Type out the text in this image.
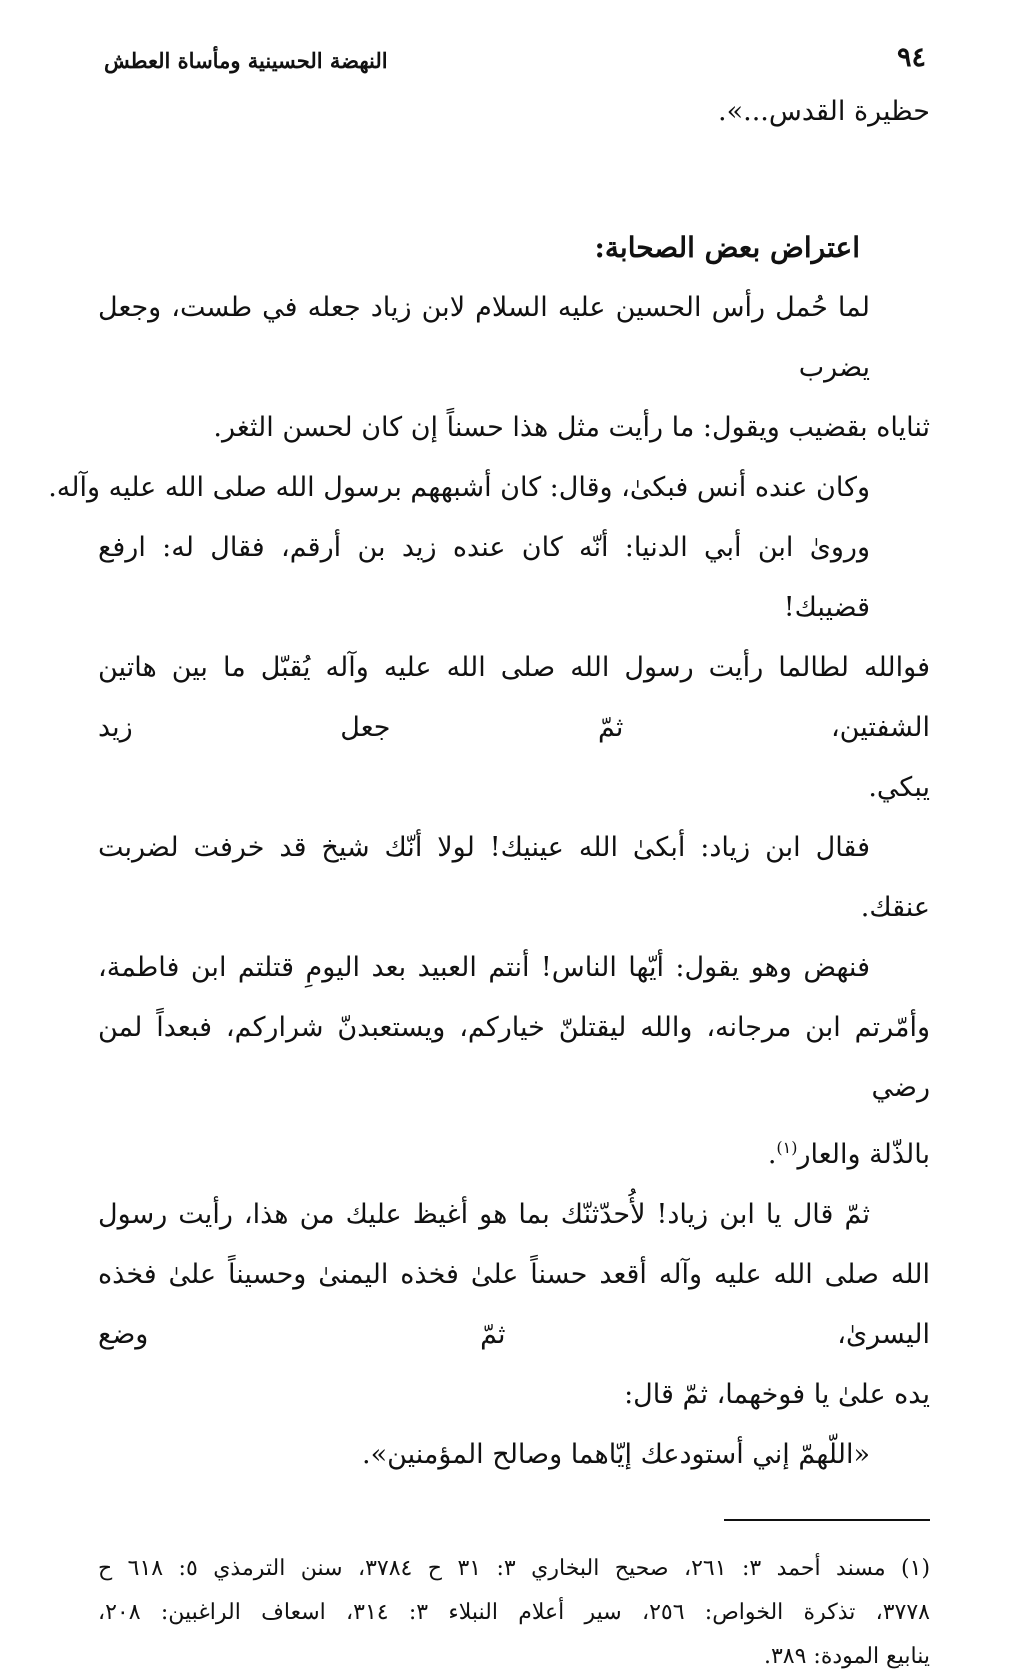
٩٤
النهضة الحسينية ومأساة العطش

حظيرة القدس...».

اعتراض بعض الصحابة:

لما حُمل رأس الحسين عليه السلام لابن زياد جعله في طست، وجعل يضرب

ثناياه بقضيب ويقول: ما رأيت مثل هذا حسناً إن كان لحسن الثغر.

وكان عنده أنس فبكىٰ، وقال: كان أشبههم برسول الله صلى الله عليه وآله.

وروىٰ ابن أبي الدنيا: أنّه كان عنده زيد بن أرقم، فقال له: ارفع قضيبك!

فوالله لطالما رأيت رسول الله صلى الله عليه وآله يُقبّل ما بين هاتين الشفتين، ثمّ جعل زيد

يبكي.

فقال ابن زياد: أبكىٰ الله عينيك! لولا أنّك شيخ قد خرفت لضربت

عنقك.

فنهض وهو يقول: أيّها الناس! أنتم العبيد بعد اليومِ قتلتم ابن فاطمة،

وأمّرتم ابن مرجانه، والله ليقتلنّ خياركم، ويستعبدنّ شراركم، فبعداً لمن رضي

بالذّلة والعار$^{(١)}$.

ثمّ قال يا ابن زياد! لأُحدّثنّك بما هو أغيظ عليك من هذا، رأيت رسول

الله صلى الله عليه وآله أقعد حسناً علىٰ فخذه اليمنىٰ وحسيناً علىٰ فخذه اليسرىٰ، ثمّ وضع

يده علىٰ يا فوخهما، ثمّ قال:

«اللّهمّ إني أستودعك إيّاهما وصالح المؤمنين».

(١) مسند أحمد ٣: ٢٦١، صحيح البخاري ٣: ٣١ ح ٣٧٨٤، سنن الترمذي ٥: ٦١٨ ح

٣٧٧٨، تذكرة الخواص: ٢٥٦، سير أعلام النبلاء ٣: ٣١٤، اسعاف الراغبين: ٢٠٨،

ينابيع المودة: ٣٨٩.
